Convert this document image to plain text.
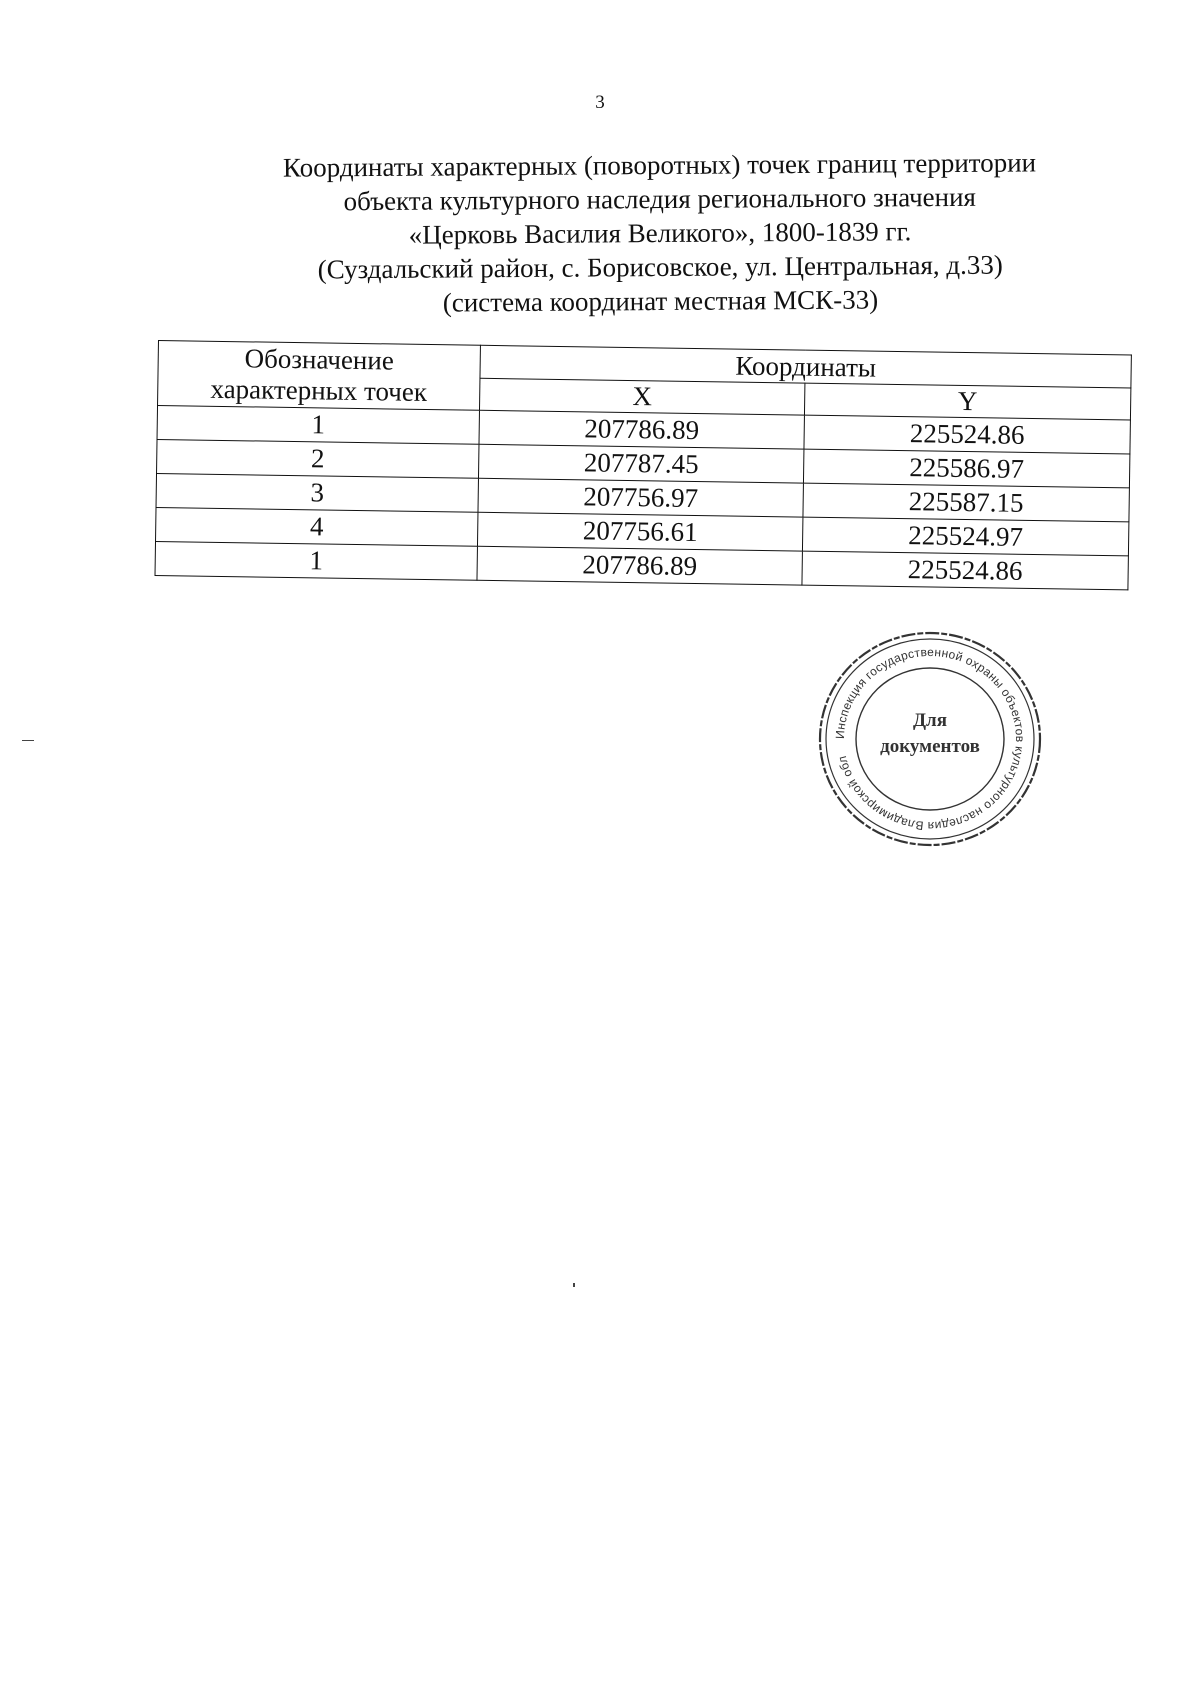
3
Координаты характерных (поворотных) точек границ территории
объекта культурного наследия регионального значения
«Церковь Василия Великого», 1800-1839 гг.
(Суздальский район, с. Борисовское, ул. Центральная, д.33)
(система координат местная МСК-33)
Обозначение
характерных точек	Координаты	
	X	Y
1	207786.89	225524.86
2	207787.45	225586.97
3	207756.97	225587.15
4	207756.61	225524.97
1	207786.89	225524.86
Инспекция государственной охраны объектов культурного наследия Владимирской обл
Для
документов
